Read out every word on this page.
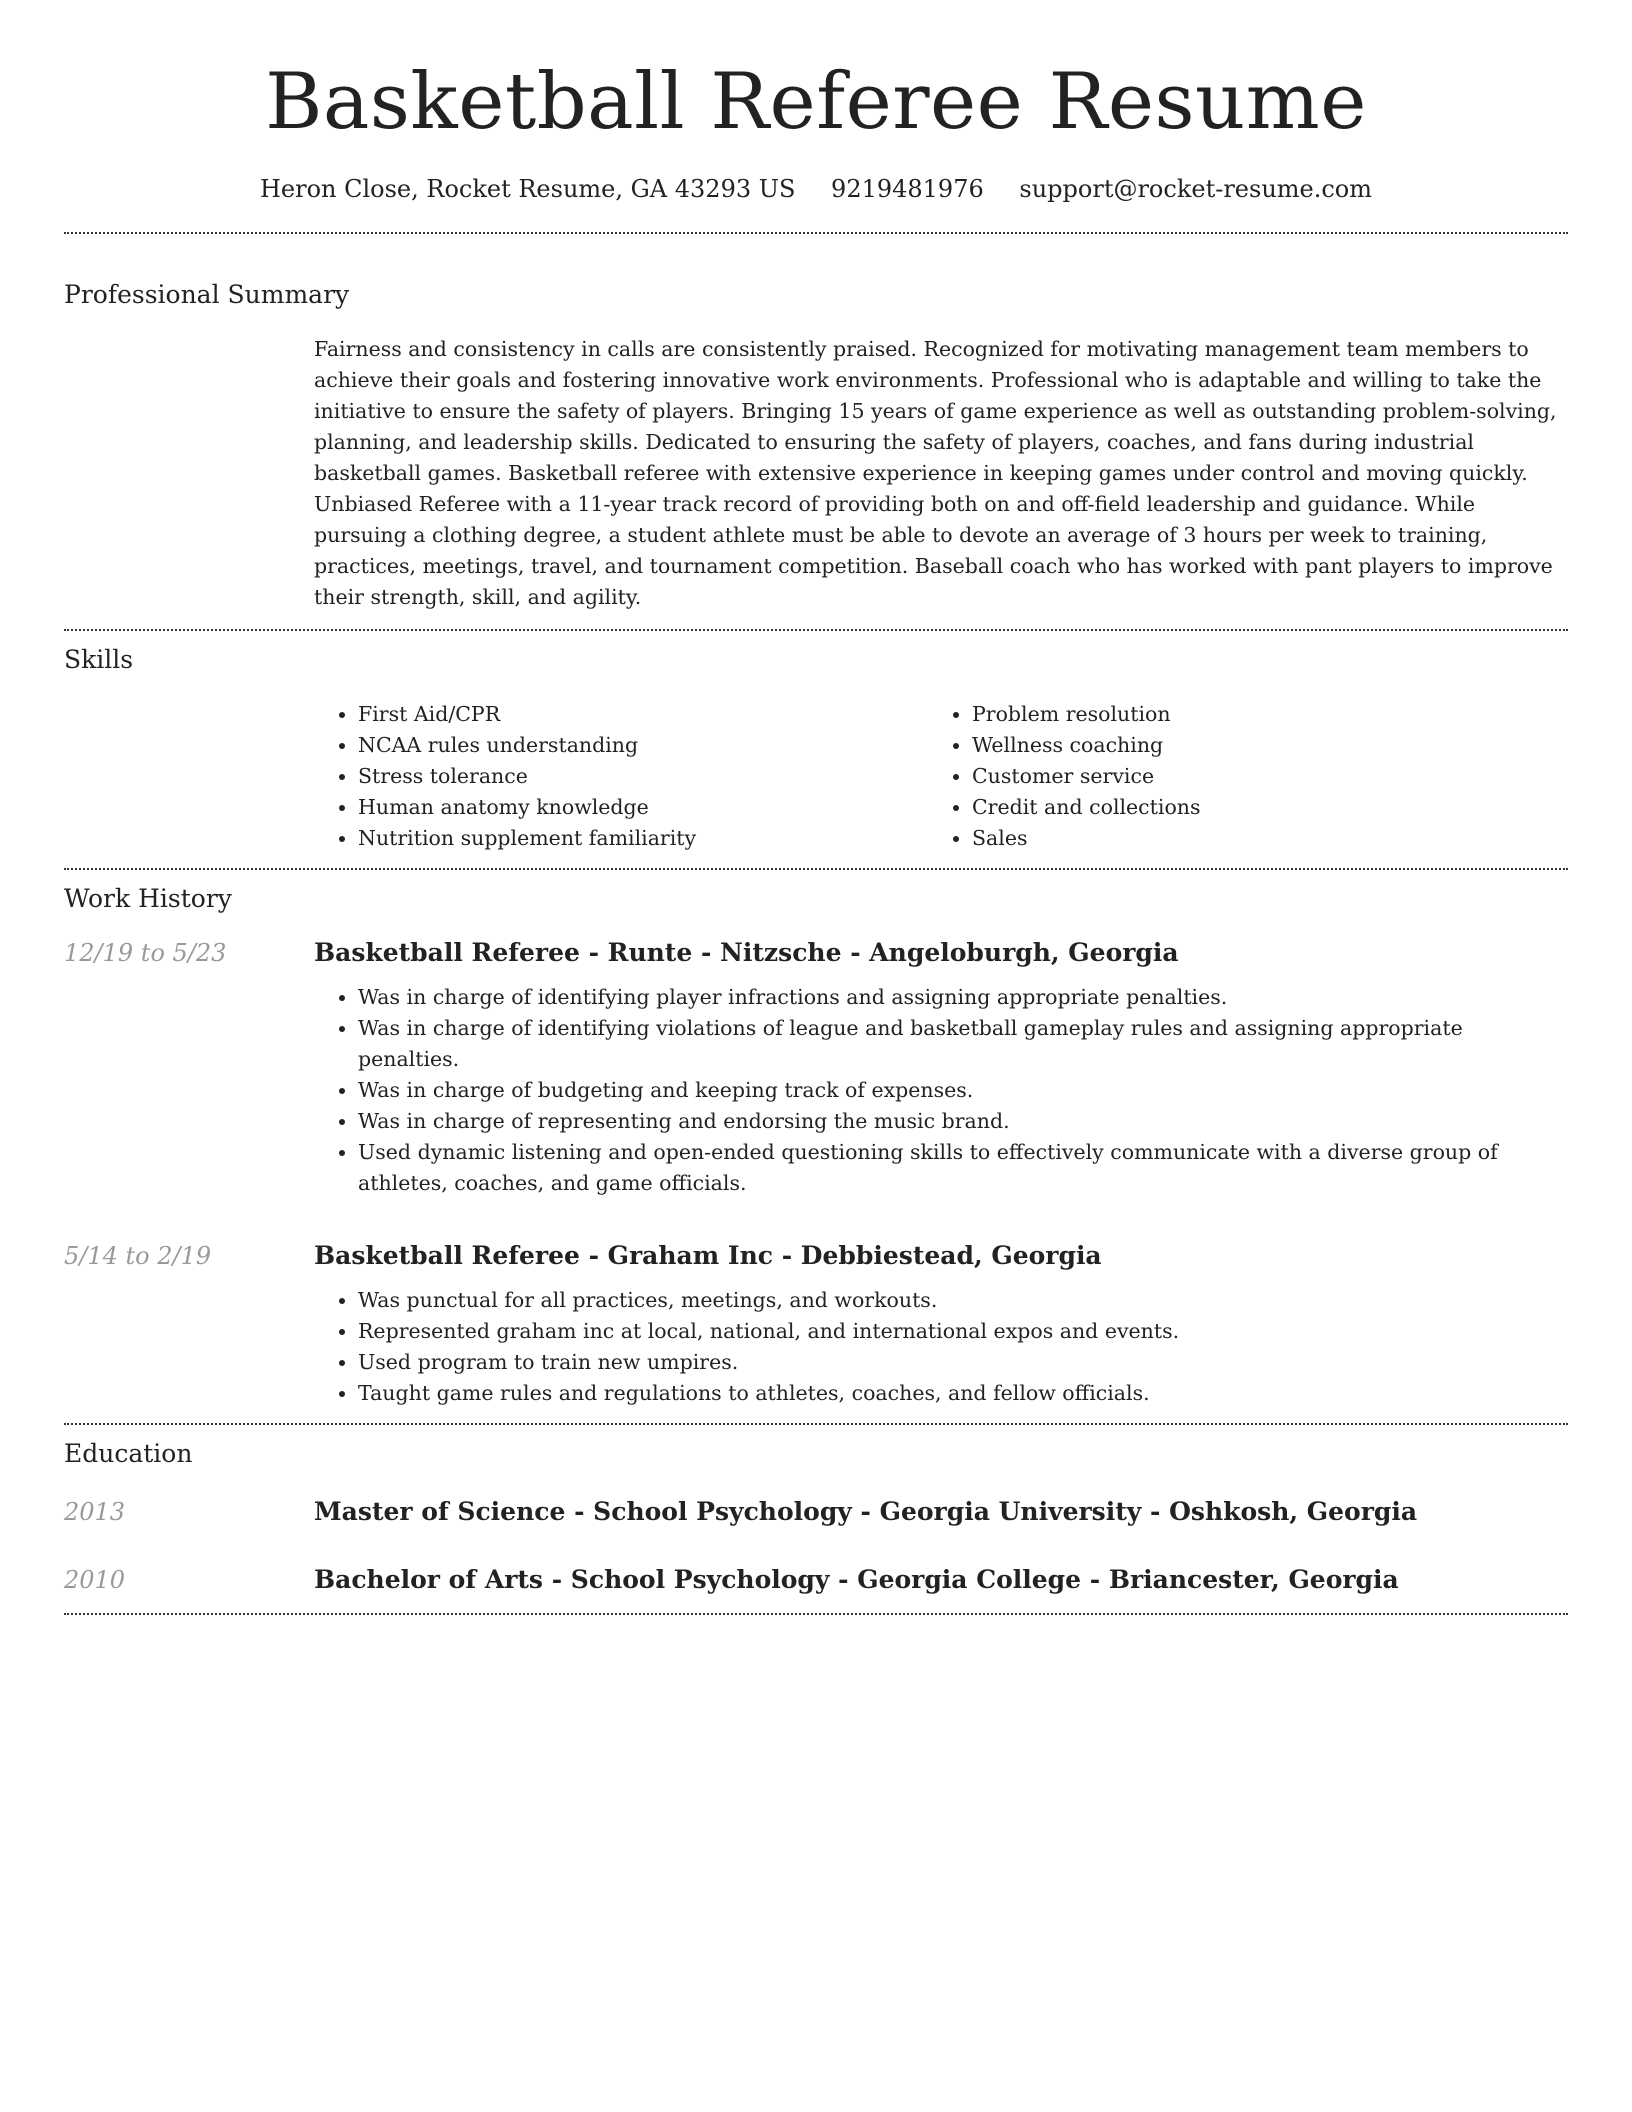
Basketball Referee Resume
Heron Close, Rocket Resume, GA 43293 US 9219481976 support@rocket-resume.com
Professional Summary

Fairness and consistency in calls are consistently praised. Recognized for motivating management team members to achieve their goals and fostering innovative work environments. Professional who is adaptable and willing to take the initiative to ensure the safety of players. Bringing 15 years of game experience as well as outstanding problem-solving, planning, and leadership skills. Dedicated to ensuring the safety of players, coaches, and fans during industrial basketball games. Basketball referee with extensive experience in keeping games under control and moving quickly. Unbiased Referee with a 11-year track record of providing both on and off-field leadership and guidance. While pursuing a clothing degree, a student athlete must be able to devote an average of 3 hours per week to training, practices, meetings, travel, and tournament competition. Baseball coach who has worked with pant players to improve their strength, skill, and agility.

Skills
• First Aid/CPR
• NCAA rules understanding
• Stress tolerance
• Human anatomy knowledge
• Nutrition supplement familiarity
• Problem resolution
• Wellness coaching
• Customer service
• Credit and collections
• Sales
Work History
12/19 to 5/23	Basketball Referee - Runte - Nitzsche - Angeloburgh, Georgia
• Was in charge of identifying player infractions and assigning appropriate penalties.
• Was in charge of identifying violations of league and basketball gameplay rules and assigning appropriate penalties.
• Was in charge of budgeting and keeping track of expenses.
• Was in charge of representing and endorsing the music brand.
• Used dynamic listening and open-ended questioning skills to effectively communicate with a diverse group of athletes, coaches, and game officials.
5/14 to 2/19	Basketball Referee - Graham Inc - Debbiestead, Georgia
• Was punctual for all practices, meetings, and workouts.
• Represented graham inc at local, national, and international expos and events.
• Used program to train new umpires.
• Taught game rules and regulations to athletes, coaches, and fellow officials.
Education
2013	Master of Science - School Psychology - Georgia University - Oshkosh, Georgia
2010	Bachelor of Arts - School Psychology - Georgia College - Briancester, Georgia
